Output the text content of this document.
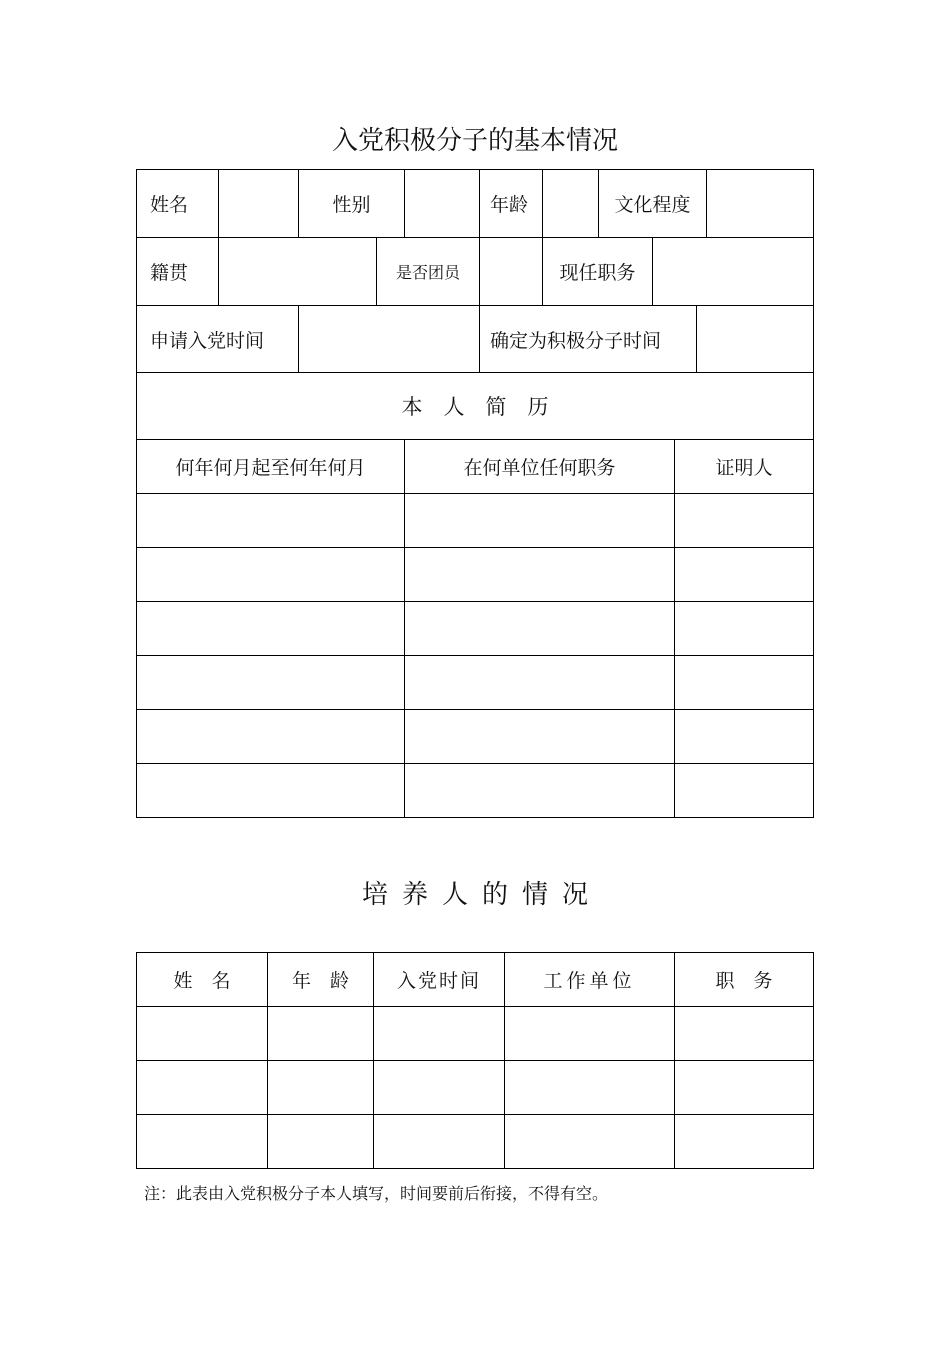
入党积极分子的基本情况
姓名	性别	年龄	文化程度
籍贯	是否团员	现任职务
申请入党时间	确定为积极分子时间
本　人　简　历
何年何月起至何年何月	在何单位任何职务	证明人
培养人的情况
姓　名	年　龄	入党时间	工作单位	职　务
注：此表由入党积极分子本人填写，时间要前后衔接，不得有空。
